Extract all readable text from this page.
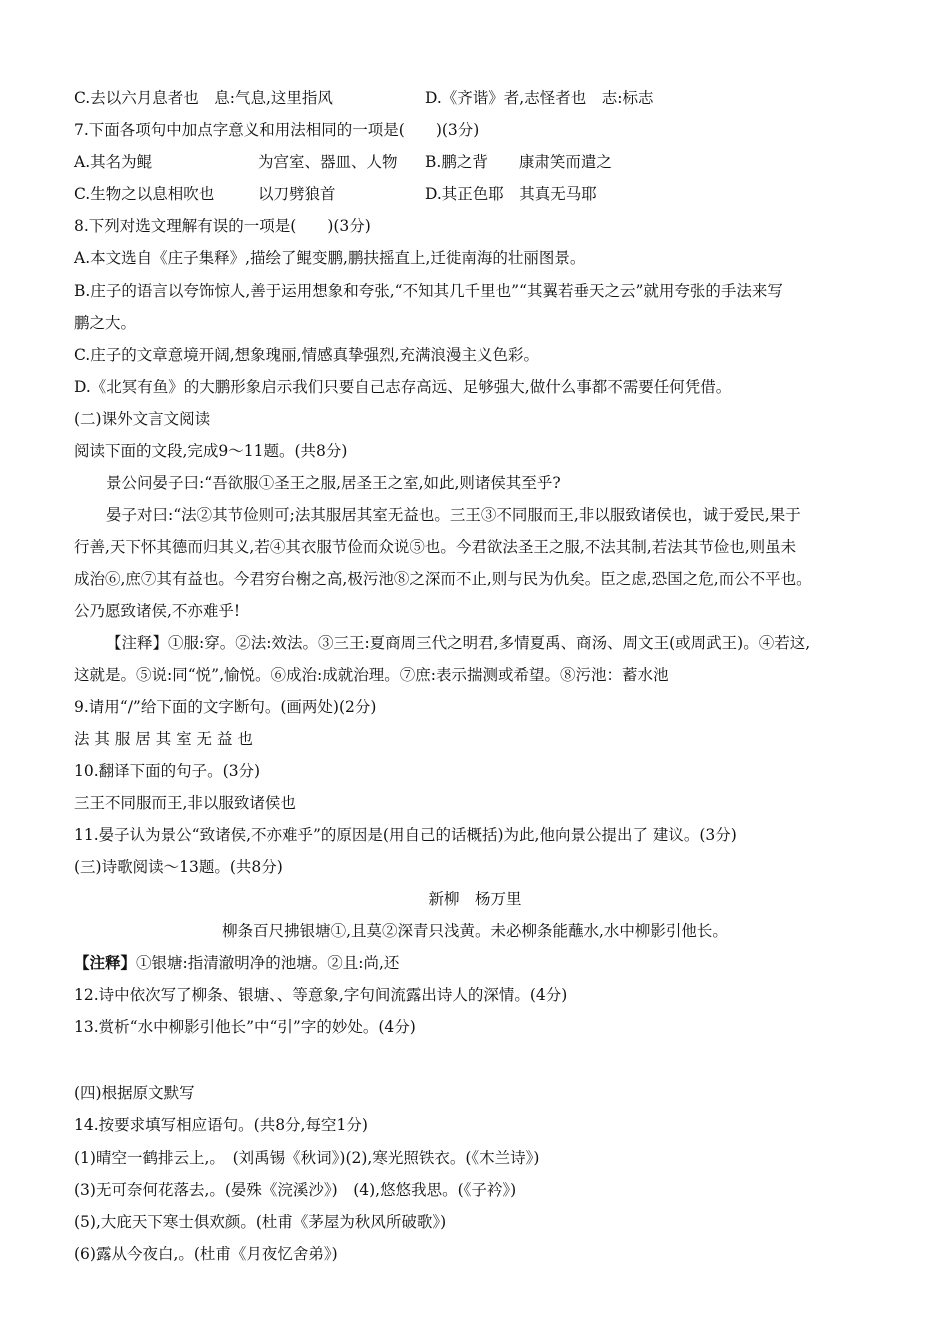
C.去以六月息者也　息:气息,这里指风	D.《齐谐》者,志怪者也　志:标志
7.下面各项句中加点字意义和用法相同的一项是(　　)(3分)
A.其名为鲲	为宫室、器皿、人物 B.鹏之背　　康肃笑而遣之
C.生物之以息相吹也	以刀劈狼首	D.其正色耶　其真无马耶
8.下列对选文理解有误的一项是(　　)(3分)
A.本文选自《庄子集释》,描绘了鲲变鹏,鹏扶摇直上,迁徙南海的壮丽图景。
B.庄子的语言以夸饰惊人,善于运用想象和夸张,“不知其几千里也”“其翼若垂天之云”就用夸张的手法来写
鹏之大。
C.庄子的文章意境开阔,想象瑰丽,情感真挚强烈,充满浪漫主义色彩。
D.《北冥有鱼》的大鹏形象启示我们只要自己志存高远、足够强大,做什么事都不需要任何凭借。
(二)课外文言文阅读
阅读下面的文段,完成9～11题。(共8分)
景公问晏子曰:“吾欲服①圣王之服,居圣王之室,如此,则诸侯其至乎?
晏子对曰:“法②其节俭则可;法其服居其室无益也。三王③不同服而王,非以服致诸侯也，诚于爱民,果于
行善,天下怀其德而归其义,若④其衣服节俭而众说⑤也。今君欲法圣王之服,不法其制,若法其节俭也,则虽未
成治⑥,庶⑦其有益也。今君穷台榭之高,极污池⑧之深而不止,则与民为仇矣。臣之虑,恐国之危,而公不平也。
公乃愿致诸侯,不亦难乎!
【注释】①服:穿。②法:效法。③三王:夏商周三代之明君,多情夏禹、商汤、周文王(或周武王)。④若这,
这就是。⑤说:同“悦”,愉悦。⑥成治:成就治理。⑦庶:表示揣测或希望。⑧污池：蓄水池
9.请用“/”给下面的文字断句。(画两处)(2分)
法 其 服 居 其 室 无 益 也
10.翻译下面的句子。(3分)
三王不同服而王,非以服致诸侯也
11.晏子认为景公“致诸侯,不亦难乎”的原因是(用自己的话概括)为此,他向景公提出了 建议。(3分)
(三)诗歌阅读～13题。(共8分)
新柳　杨万里
柳条百尺拂银塘①,且莫②深青只浅黄。未必柳条能蘸水,水中柳影引他长。
【注释】①银塘:指清澈明净的池塘。②且:尚,还
12.诗中依次写了柳条、银塘、、等意象,字句间流露出诗人的深情。(4分)
13.赏析“水中柳影引他长”中“引”字的妙处。(4分)
(四)根据原文默写
14.按要求填写相应语句。(共8分,每空1分)
(1)晴空一鹤排云上,。　(刘禹锡《秋词》)(2),寒光照铁衣。(《木兰诗》)
(3)无可奈何花落去,。(晏殊《浣溪沙》)　(4),悠悠我思。(《子衿》)
(5),大庇天下寒士俱欢颜。(杜甫《茅屋为秋风所破歌》)
(6)露从今夜白,。(杜甫《月夜忆舍弟》)
